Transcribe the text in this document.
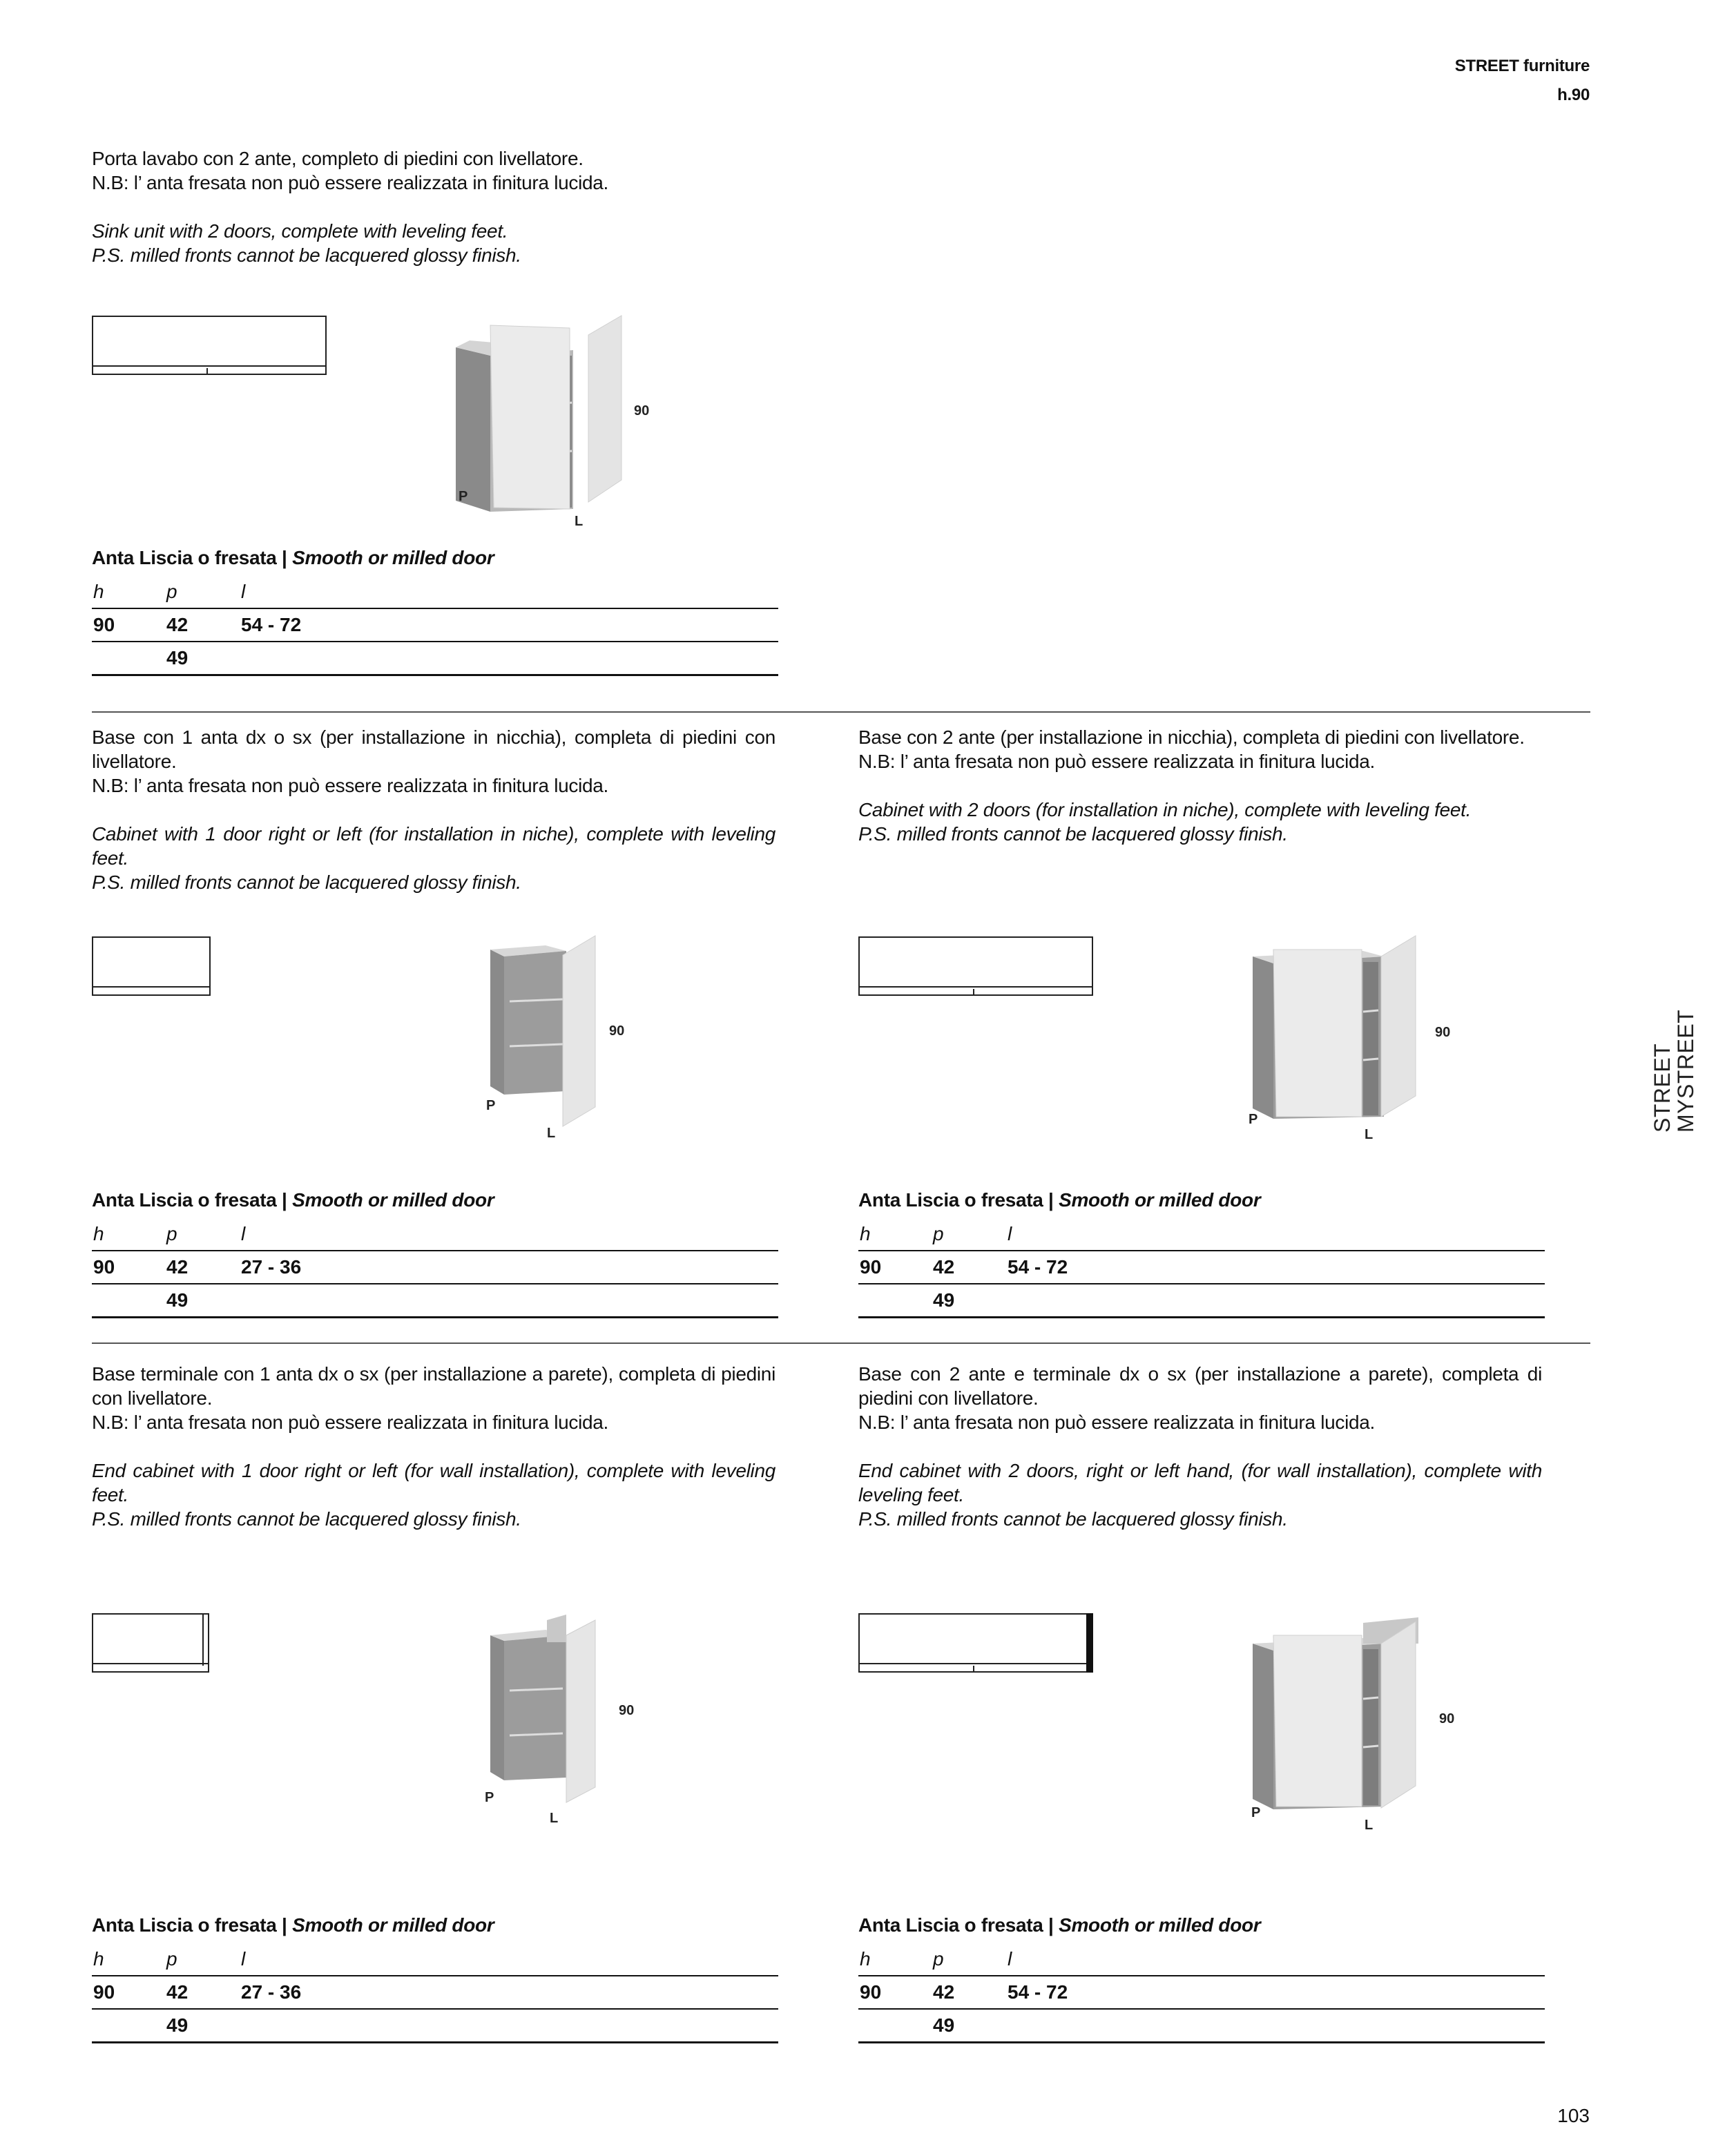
STREET furniture
h.90
STREET
MYSTREET

Porta lavabo con 2 ante, completo di piedini con livellatore.

N.B: l’ anta fresata non può essere realizzata in finitura lucida.

Sink unit with 2 doors, complete with leveling feet.

P.S. milled fronts cannot be lacquered glossy finish.

90
P
L
Anta Liscia o fresata | Smooth or milled door
h	p	l
90	42	54 - 72
	49	

Base con 1 anta dx o sx (per installazione in nicchia), completa di piedini con livellatore.

N.B: l’ anta fresata non può essere realizzata in finitura lucida.

Cabinet with 1 door right or left (for installation in niche), complete with leveling feet.

P.S. milled fronts cannot be lacquered glossy finish.

90
P
L
Anta Liscia o fresata | Smooth or milled door
h	p	l
90	42	27 - 36
	49	

Base con 2 ante (per installazione in nicchia), completa di piedini con livellatore.

N.B: l’ anta fresata non può essere realizzata in finitura lucida.

Cabinet with 2 doors (for installation in niche), complete with leveling feet.

P.S. milled fronts cannot be lacquered glossy finish.

90
P
L
Anta Liscia o fresata | Smooth or milled door
h	p	l
90	42	54 - 72
	49	

Base terminale con 1 anta dx o sx (per installazione a parete), completa di piedini con livellatore.

N.B: l’ anta fresata non può essere realizzata in finitura lucida.

End cabinet with 1 door right or left (for wall installation), complete with leveling feet.

P.S. milled fronts cannot be lacquered glossy finish.

90
P
L
Anta Liscia o fresata | Smooth or milled door
h	p	l
90	42	27 - 36
	49	

Base con 2 ante e terminale dx o sx (per installazione a parete), completa di piedini con livellatore.

N.B: l’ anta fresata non può essere realizzata in finitura lucida.

End cabinet with 2 doors, right or left hand, (for wall installation), complete with leveling feet.

P.S. milled fronts cannot be lacquered glossy finish.

90
P
L
Anta Liscia o fresata | Smooth or milled door
h	p	l
90	42	54 - 72
	49	
103
